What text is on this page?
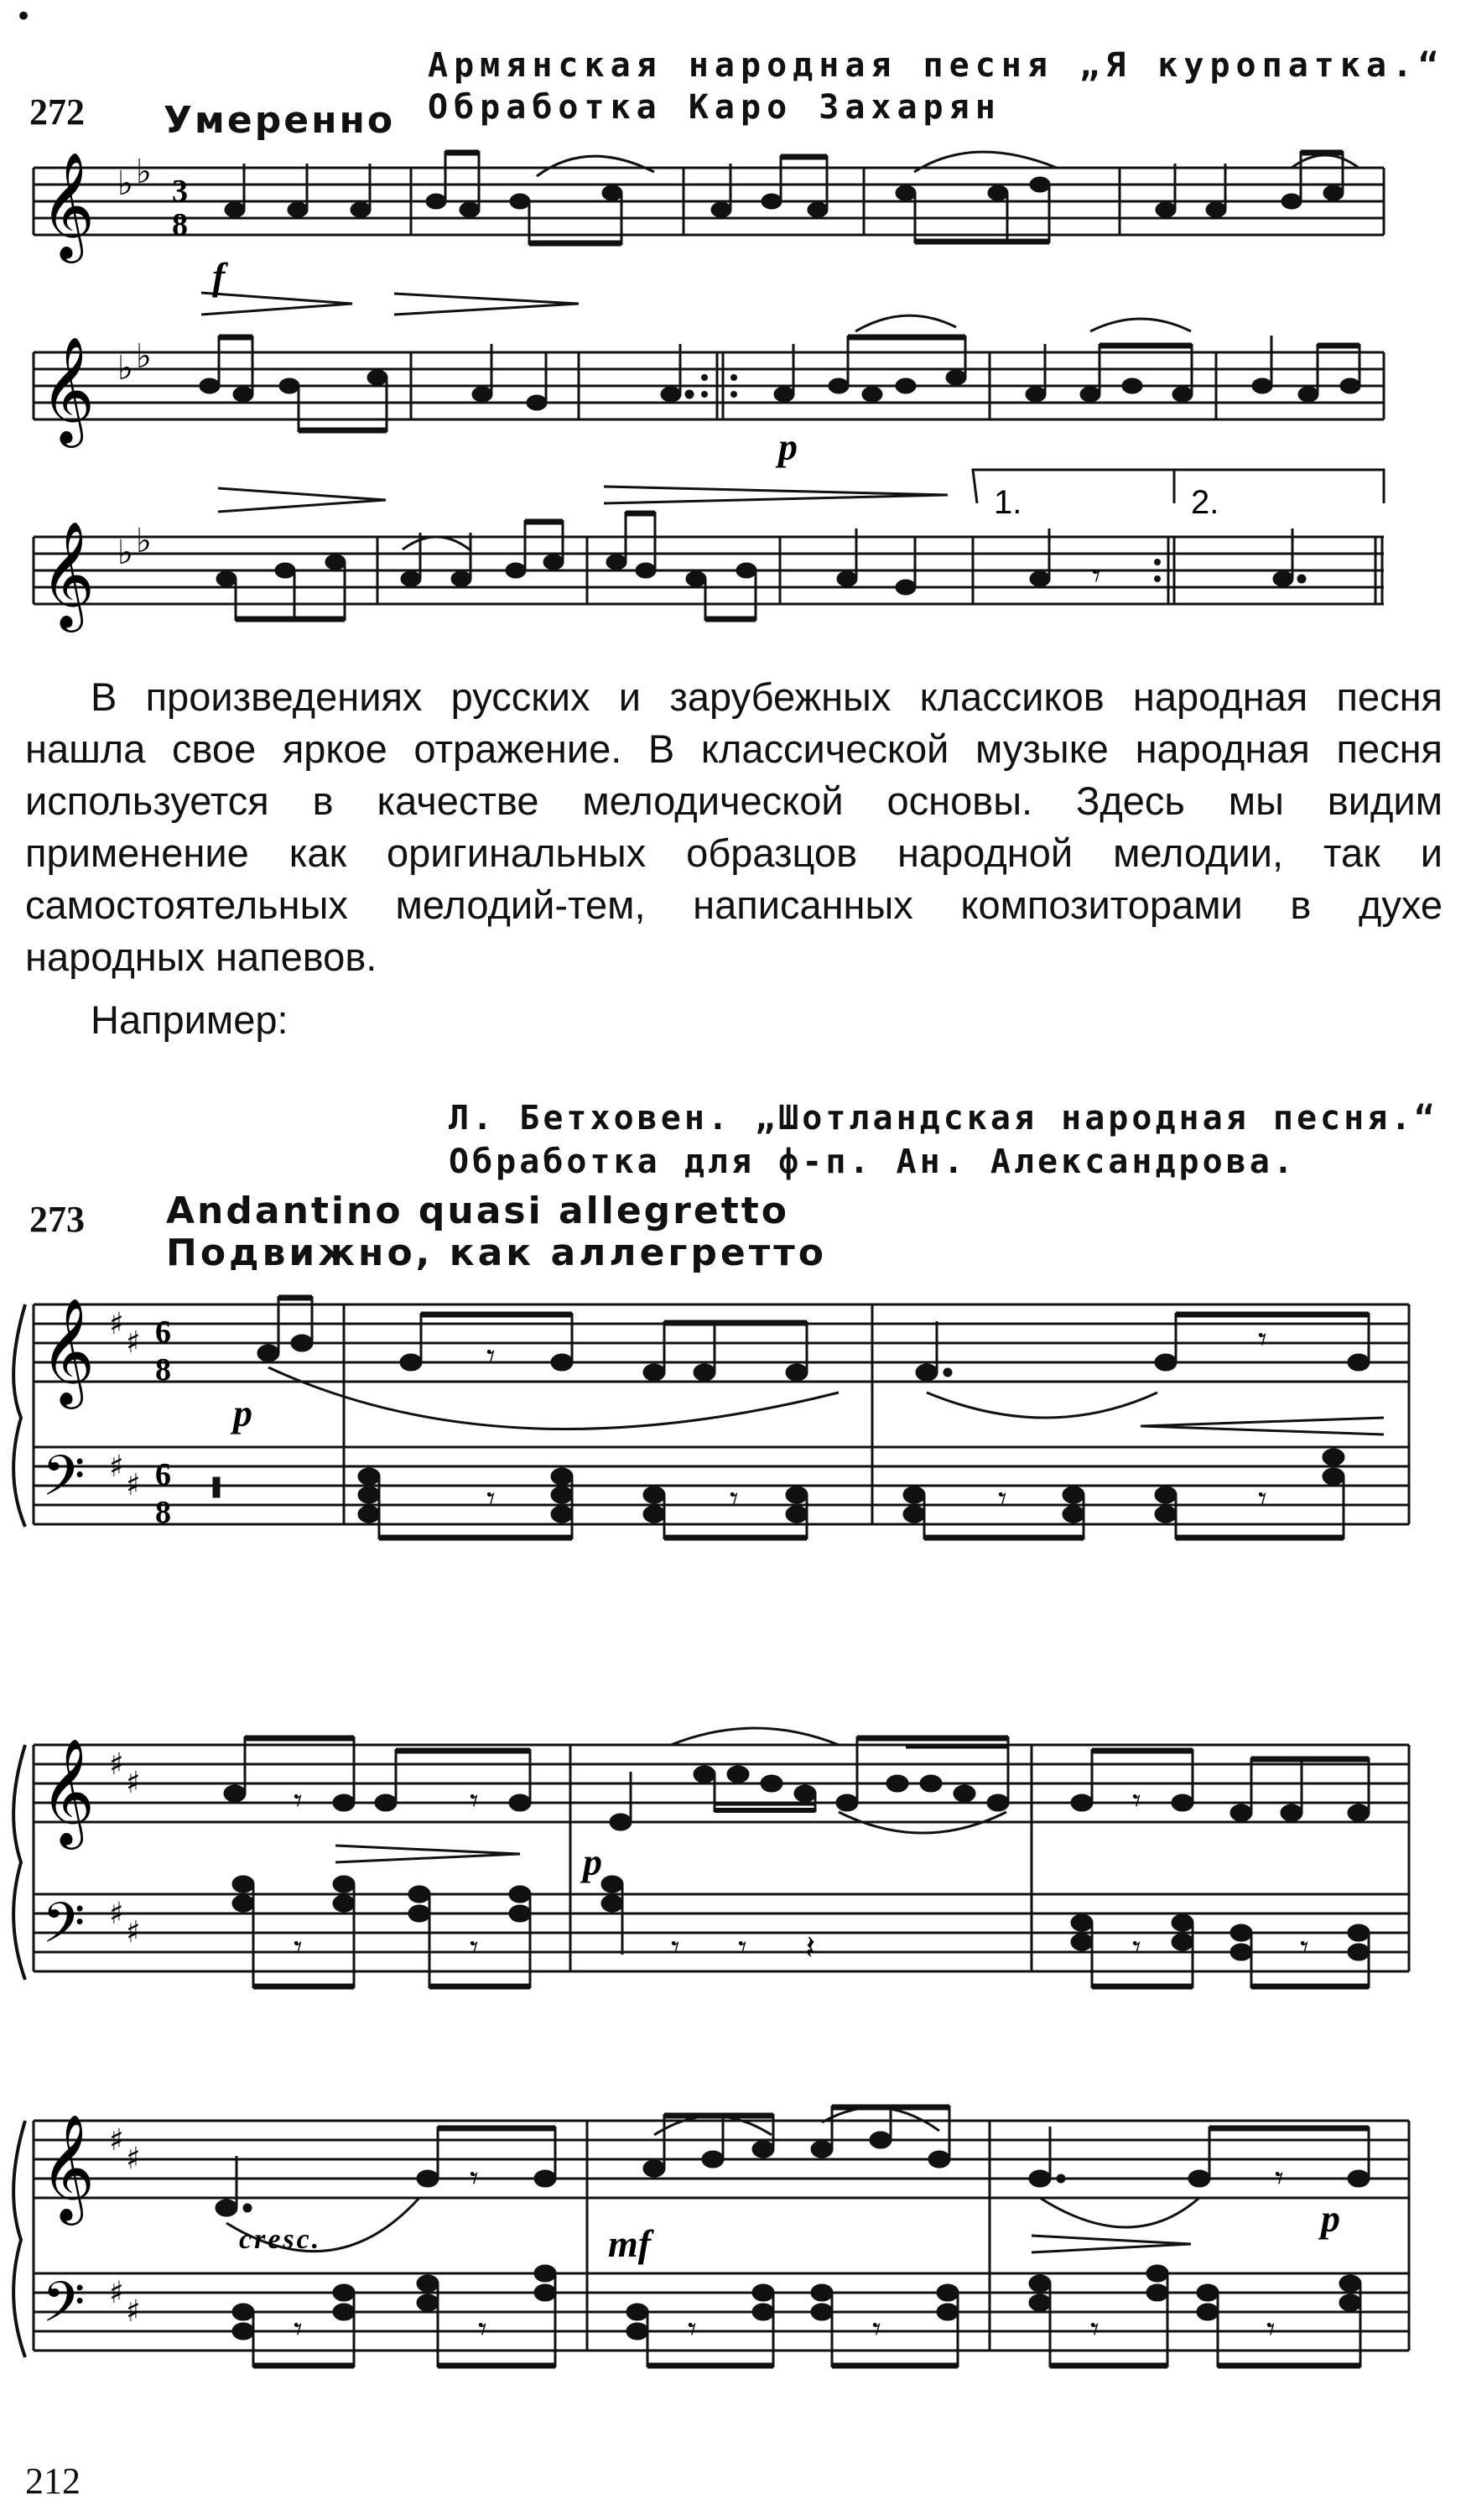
•
Армянская народная песня „Я куропатка.“
Обработка Каро Захарян
272 Умеренно
𝄞 ♭ ♭ 3
8
𝄞 ♭ ♭
𝄞 ♭ ♭
1.	2.
𝄾
f
p
𝄞
𝄢
♯
♯
♯
♯
6
8
6
8	𝄾	𝄾	𝄾	𝄾
𝄾	𝄾
p
𝄞
𝄢
♯
♯
♯
♯
𝄾	𝄾	𝄾
𝄾	𝄾	𝄾 𝄾 𝄽	𝄾	𝄾
p
𝄞
𝄢
♯
♯
♯
♯
𝄾	𝄾
𝄾	𝄾	𝄾	𝄾	𝄾	𝄾
cresc.	mf
p

В произведениях русских и зарубежных классиков народная песня нашла свое яркое отражение. В классической музыке народная песня используется в качестве мелодической основы. Здесь мы видим применение как оригинальных образцов народной мелодии, так и самостоятельных мелодий-тем, написанных композиторами в духе народных напевов.

Например:
Л. Бетховен. „Шотландская народная песня.“
Обработка для ф-п. Ан. Александрова.
273 Andantino quasi allegretto
Подвижно, как аллегретто
212
